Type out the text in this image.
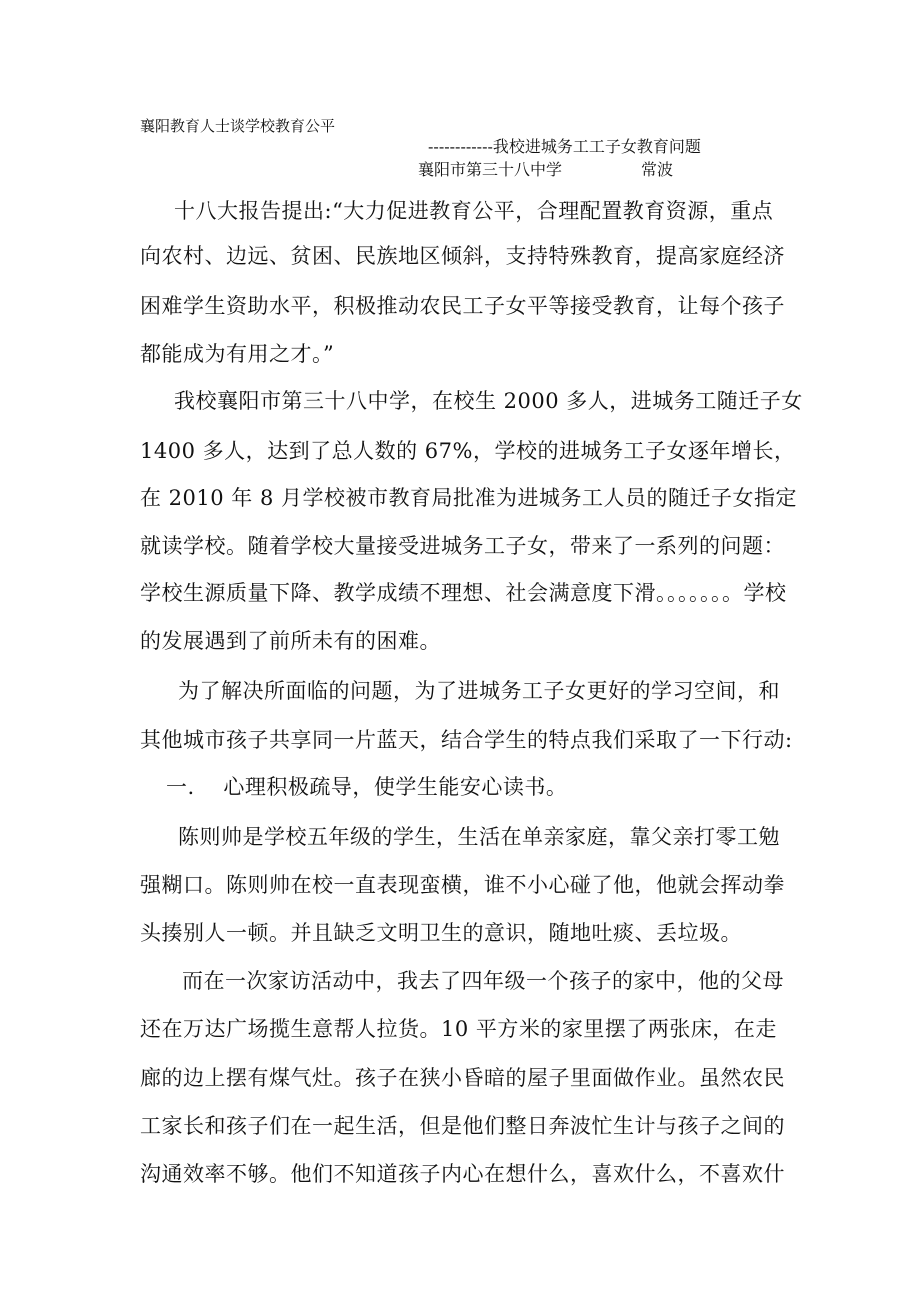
襄阳教育人士谈学校教育公平
------------我校进城务工工子女教育问题
襄阳市第三十八中学	常波
十八大报告提出:“大力促进教育公平，合理配置教育资源，重点
向农村、边远、贫困、民族地区倾斜，支持特殊教育，提高家庭经济
困难学生资助水平，积极推动农民工子女平等接受教育，让每个孩子
都能成为有用之才。”
我校襄阳市第三十八中学，在校生 2000 多人，进城务工随迁子女
1400 多人，达到了总人数的 67%，学校的进城务工子女逐年增长，
在 2010 年 8 月学校被市教育局批准为进城务工人员的随迁子女指定
就读学校。随着学校大量接受进城务工子女，带来了一系列的问题：
学校生源质量下降、教学成绩不理想、社会满意度下滑。。。。。。。学校
的发展遇到了前所未有的困难。
为了解决所面临的问题，为了进城务工子女更好的学习空间，和
其他城市孩子共享同一片蓝天，结合学生的特点我们采取了一下行动:
一.　 心理积极疏导，使学生能安心读书。
陈则帅是学校五年级的学生，生活在单亲家庭，靠父亲打零工勉
强糊口。陈则帅在校一直表现蛮横，谁不小心碰了他，他就会挥动拳
头揍别人一顿。并且缺乏文明卫生的意识，随地吐痰、丢垃圾。
而在一次家访活动中，我去了四年级一个孩子的家中，他的父母
还在万达广场揽生意帮人拉货。10 平方米的家里摆了两张床，在走
廊的边上摆有煤气灶。孩子在狭小昏暗的屋子里面做作业。虽然农民
工家长和孩子们在一起生活，但是他们整日奔波忙生计与孩子之间的
沟通效率不够。他们不知道孩子内心在想什么，喜欢什么，不喜欢什
